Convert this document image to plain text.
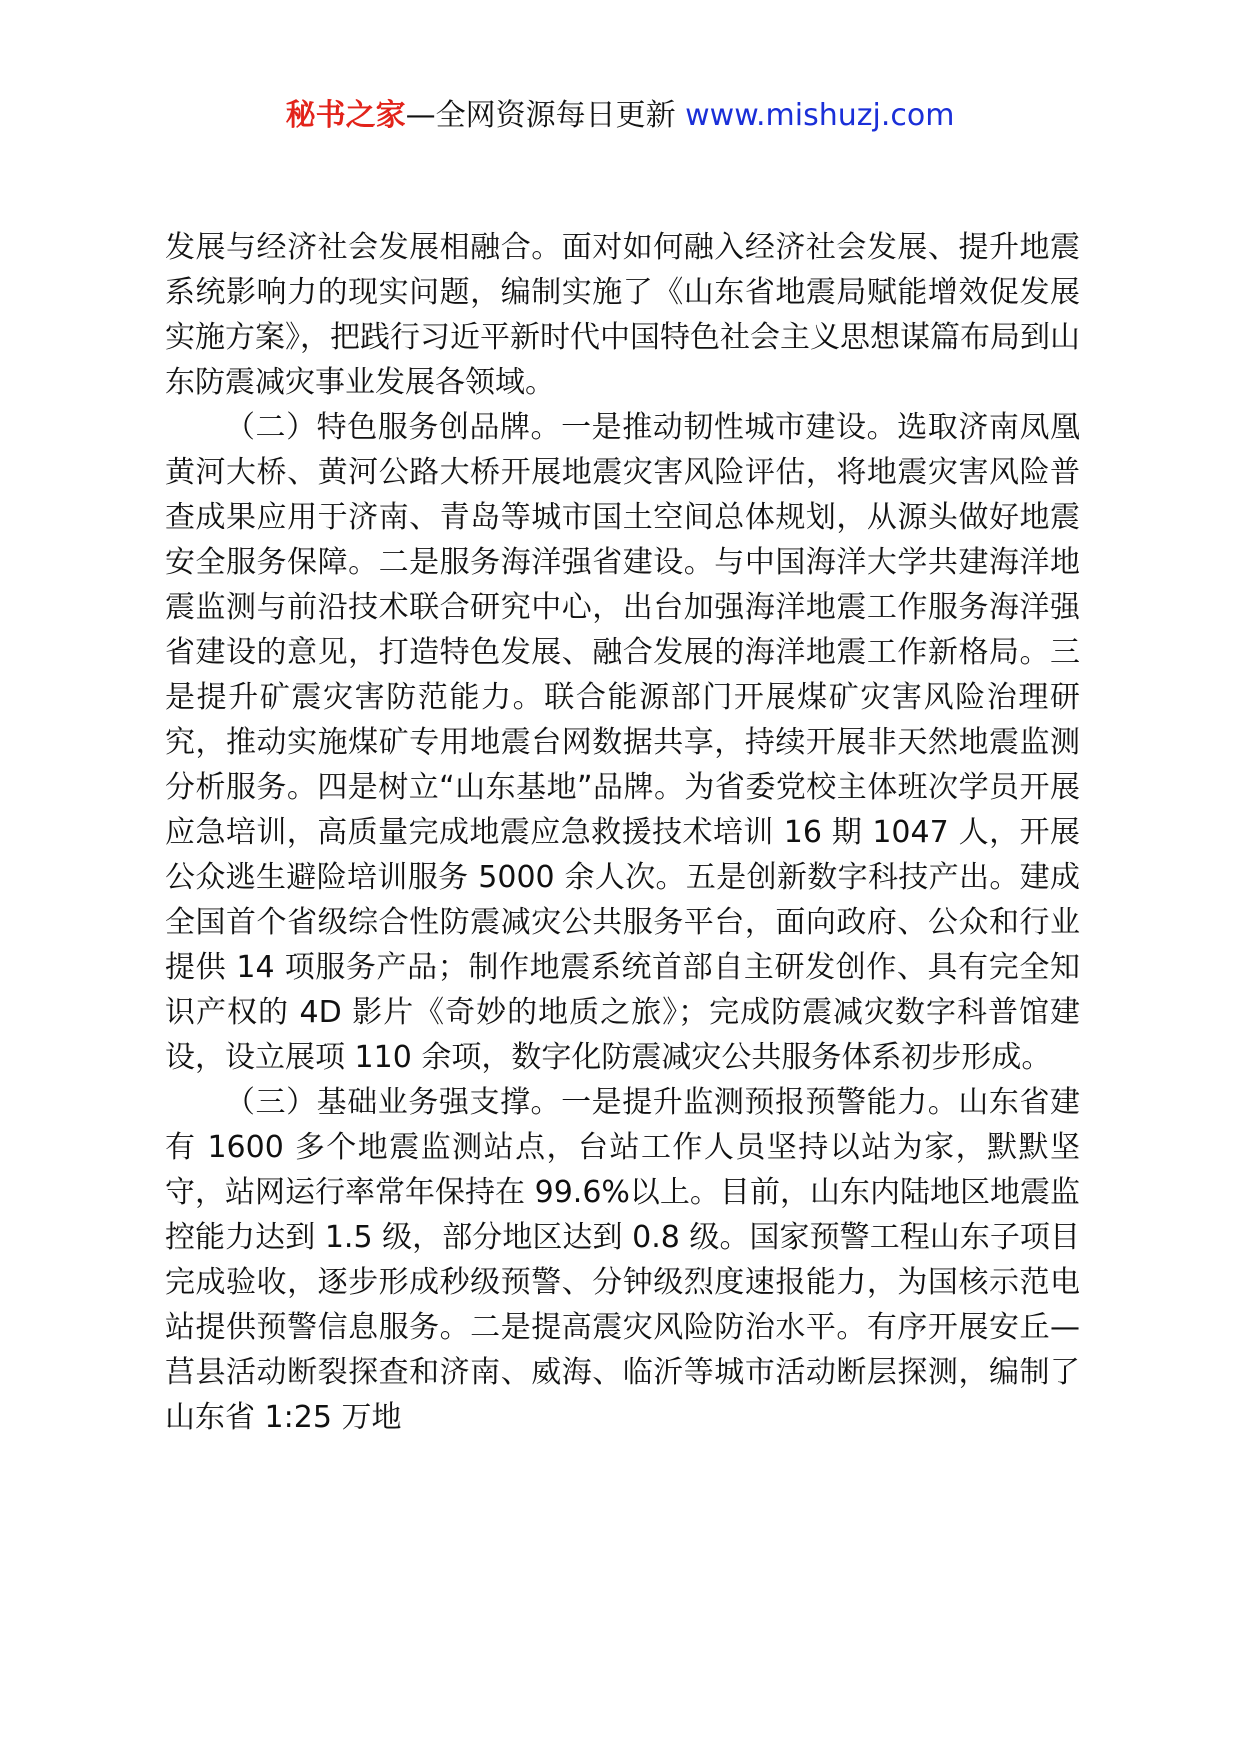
秘书之家—全网资源每日更新 www.mishuzj.com

发展与经济社会发展相融合。面对如何融入经济社会发展、提升地震系统影响力的现实问题，编制实施了《山东省地震局赋能增效促发展实施方案》，把践行习近平新时代中国特色社会主义思想谋篇布局到山东防震减灾事业发展各领域。

（二）特色服务创品牌。一是推动韧性城市建设。选取济南凤凰黄河大桥、黄河公路大桥开展地震灾害风险评估，将地震灾害风险普查成果应用于济南、青岛等城市国土空间总体规划，从源头做好地震安全服务保障。二是服务海洋强省建设。与中国海洋大学共建海洋地震监测与前沿技术联合研究中心，出台加强海洋地震工作服务海洋强省建设的意见，打造特色发展、融合发展的海洋地震工作新格局。三是提升矿震灾害防范能力。联合能源部门开展煤矿灾害风险治理研究，推动实施煤矿专用地震台网数据共享，持续开展非天然地震监测分析服务。四是树立“山东基地”品牌。为省委党校主体班次学员开展应急培训，高质量完成地震应急救援技术培训 16 期 1047 人，开展公众逃生避险培训服务 5000 余人次。五是创新数字科技产出。建成全国首个省级综合性防震减灾公共服务平台，面向政府、公众和行业提供 14 项服务产品；制作地震系统首部自主研发创作、具有完全知识产权的 4D 影片《奇妙的地质之旅》；完成防震减灾数字科普馆建设，设立展项 110 余项，数字化防震减灾公共服务体系初步形成。

（三）基础业务强支撑。一是提升监测预报预警能力。山东省建有 1600 多个地震监测站点，台站工作人员坚持以站为家，默默坚守，站网运行率常年保持在 99.6%以上。目前，山东内陆地区地震监控能力达到 1.5 级，部分地区达到 0.8 级。国家预警工程山东子项目完成验收，逐步形成秒级预警、分钟级烈度速报能力，为国核示范电站提供预警信息服务。二是提高震灾风险防治水平。有序开展安丘—莒县活动断裂探查和济南、威海、临沂等城市活动断层探测，编制了山东省 1:25 万地
